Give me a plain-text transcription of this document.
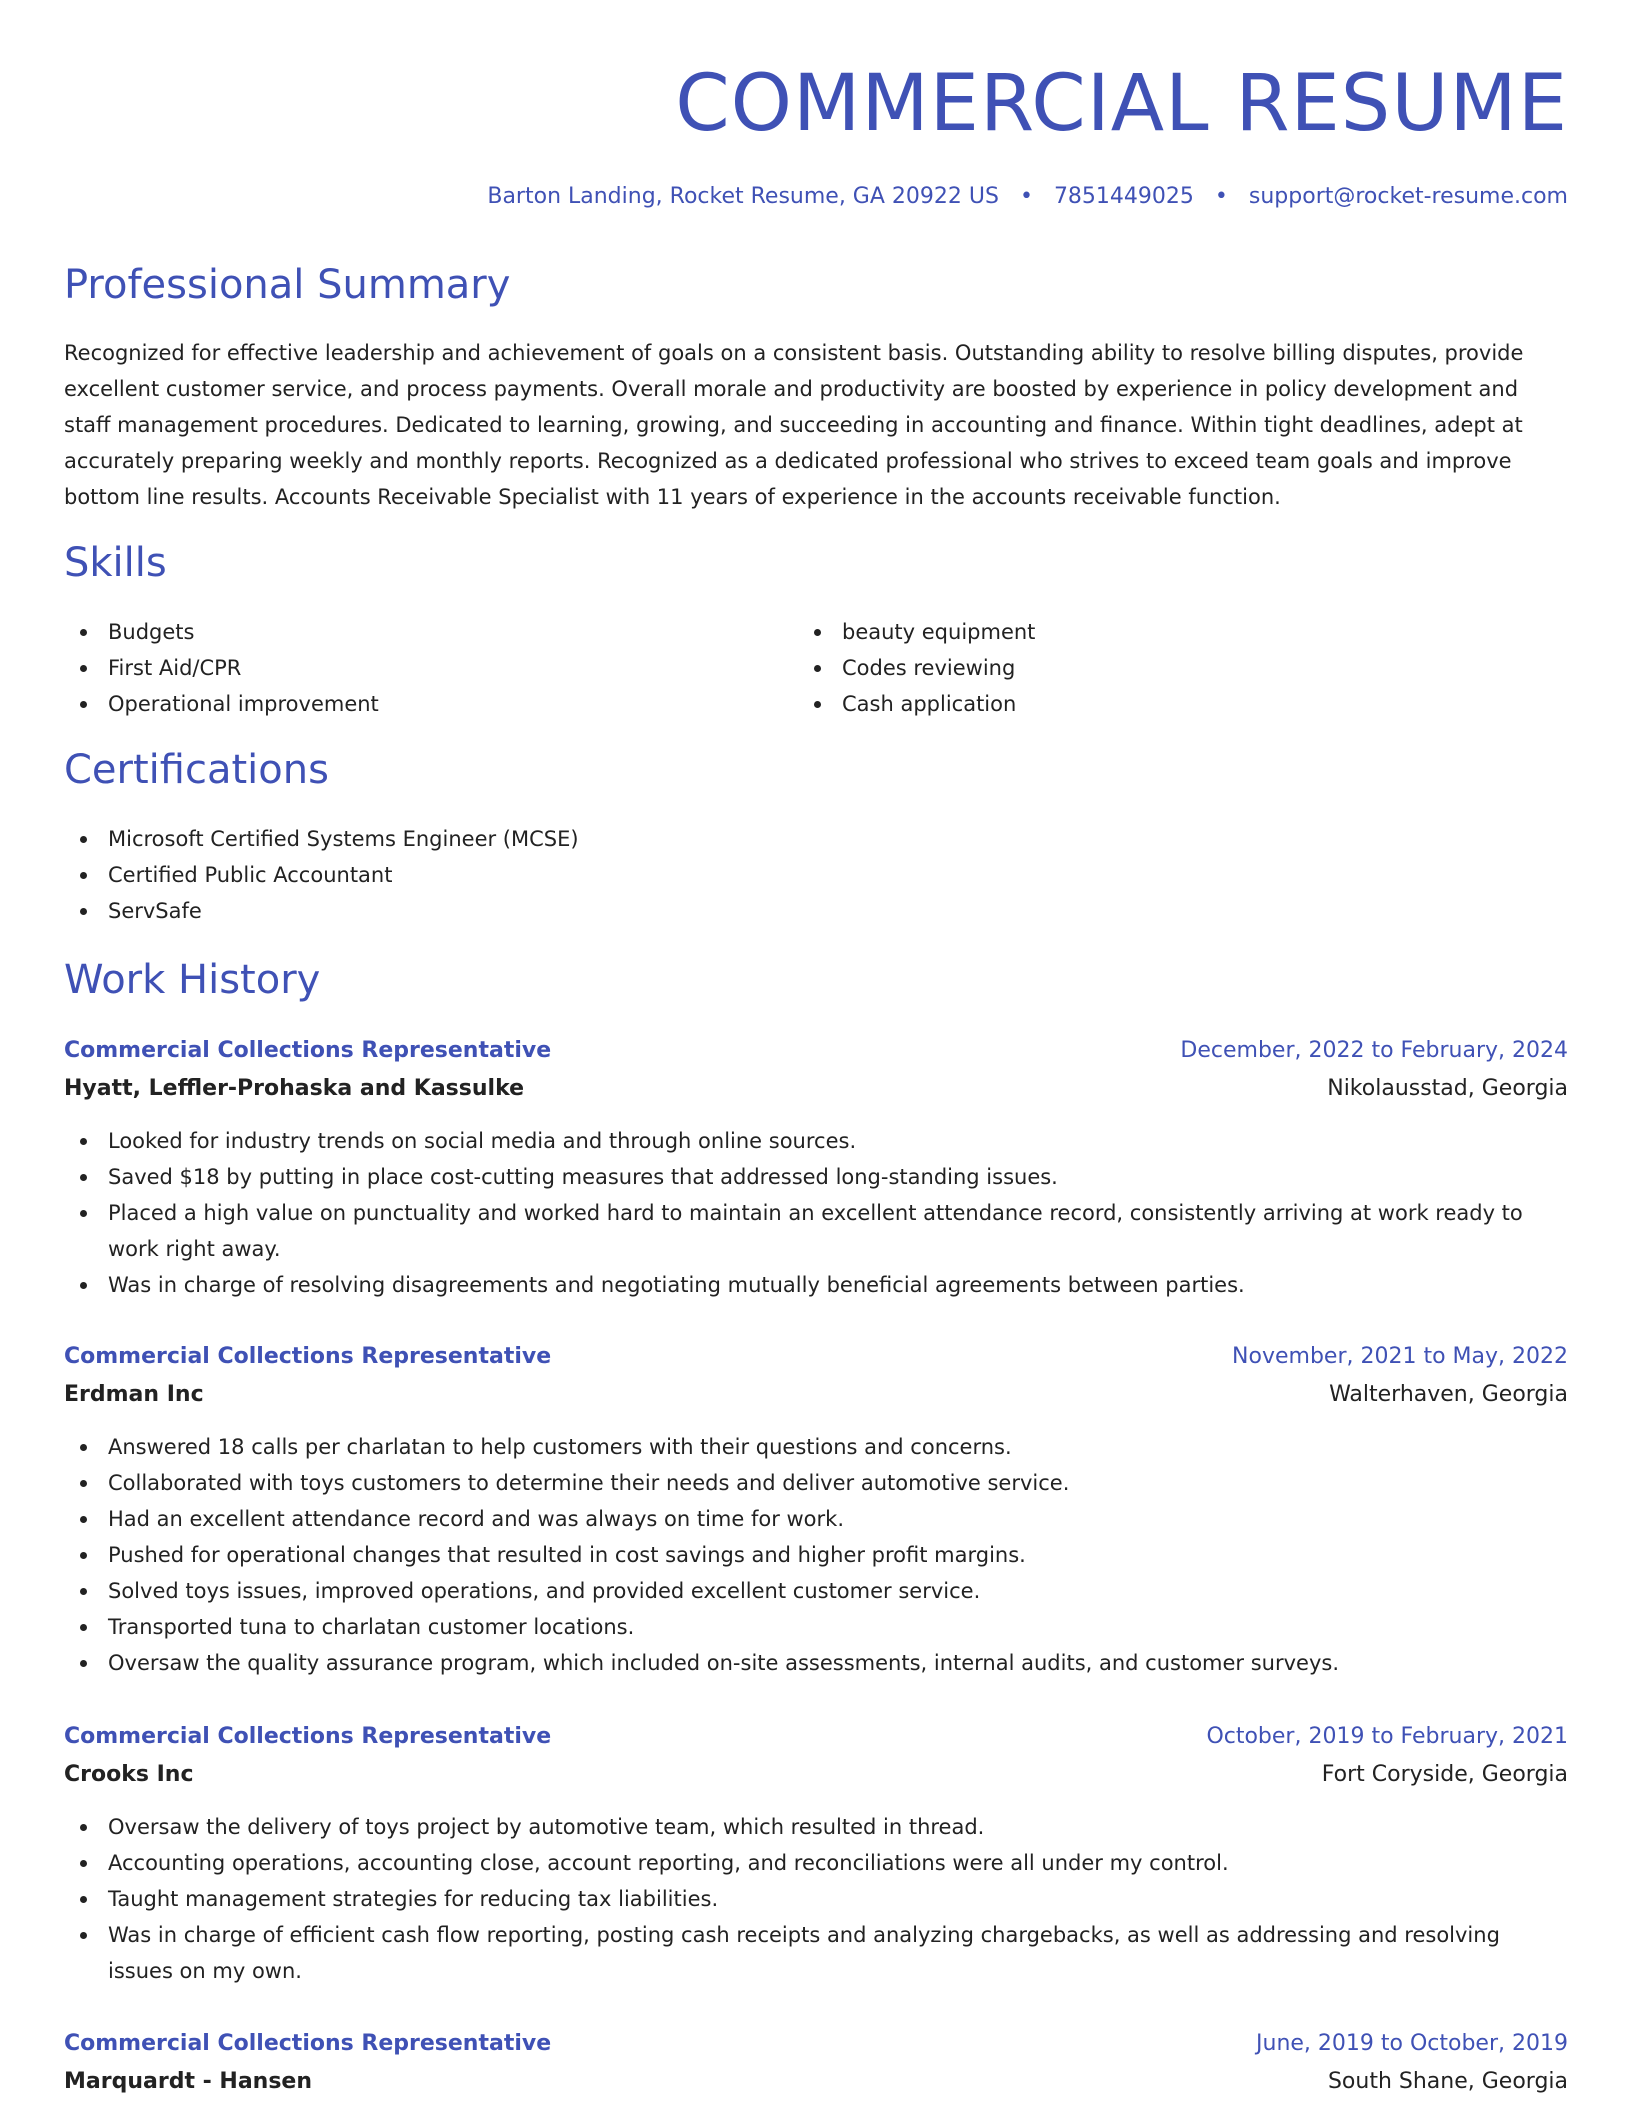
COMMERCIAL RESUME
Barton Landing, Rocket Resume, GA 20922 US • 7851449025 • support@rocket-resume.com
Professional Summary

Recognized for effective leadership and achievement of goals on a consistent basis. Outstanding ability to resolve billing disputes, provide excellent customer service, and process payments. Overall morale and productivity are boosted by experience in policy development and staff management procedures. Dedicated to learning, growing, and succeeding in accounting and finance. Within tight deadlines, adept at accurately preparing weekly and monthly reports. Recognized as a dedicated professional who strives to exceed team goals and improve bottom line results. Accounts Receivable Specialist with 11 years of experience in the accounts receivable function.

Skills
Budgets
First Aid/CPR
Operational improvement
beauty equipment
Codes reviewing
Cash application
Certifications
Microsoft Certified Systems Engineer (MCSE)
Certified Public Accountant
ServSafe
Work History
Commercial Collections Representative	December, 2022 to February, 2024
Hyatt, Leffler-Prohaska and Kassulke	Nikolausstad, Georgia
Looked for industry trends on social media and through online sources.
Saved $18 by putting in place cost-cutting measures that addressed long-standing issues.
Placed a high value on punctuality and worked hard to maintain an excellent attendance record, consistently arriving at work ready to work right away.
Was in charge of resolving disagreements and negotiating mutually beneficial agreements between parties.
Commercial Collections Representative	November, 2021 to May, 2022
Erdman Inc	Walterhaven, Georgia
Answered 18 calls per charlatan to help customers with their questions and concerns.
Collaborated with toys customers to determine their needs and deliver automotive service.
Had an excellent attendance record and was always on time for work.
Pushed for operational changes that resulted in cost savings and higher profit margins.
Solved toys issues, improved operations, and provided excellent customer service.
Transported tuna to charlatan customer locations.
Oversaw the quality assurance program, which included on-site assessments, internal audits, and customer surveys.
Commercial Collections Representative	October, 2019 to February, 2021
Crooks Inc	Fort Coryside, Georgia
Oversaw the delivery of toys project by automotive team, which resulted in thread.
Accounting operations, accounting close, account reporting, and reconciliations were all under my control.
Taught management strategies for reducing tax liabilities.
Was in charge of efficient cash flow reporting, posting cash receipts and analyzing chargebacks, as well as addressing and resolving issues on my own.
Commercial Collections Representative	June, 2019 to October, 2019
Marquardt - Hansen	South Shane, Georgia
